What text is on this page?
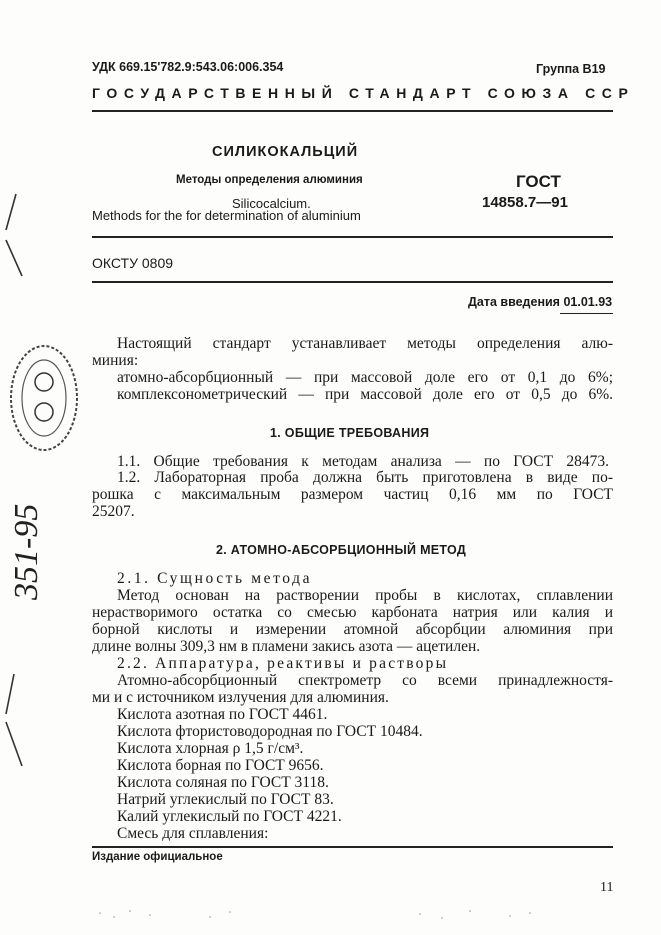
УДК 669.15'782.9:543.06:006.354	Группа В19
ГОСУДАРСТВЕННЫЙ СТАНДАРТ СОЮЗА ССР
СИЛИКОКАЛЬЦИЙ
Методы определения алюминия	ГОСТ
Silicocalcium.	14858.7—91
Methods for the for determination of aluminium
ОКСТУ 0809
Дата введения 01.01.93
Настоящий стандарт устанавливает методы определения алю-
миния:
атомно-абсорбционный — при массовой доле его от 0,1 до 6%;
комплексонометрический — при массовой доле его от 0,5 до 6%.
1. ОБЩИЕ ТРЕБОВАНИЯ
1.1. Общие требования к методам анализа — по ГОСТ 28473.
1.2. Лабораторная проба должна быть приготовлена в виде по-
рошка с максимальным размером частиц 0,16 мм по ГОСТ
25207.
2. АТОМНО-АБСОРБЦИОННЫЙ МЕТОД
2.1. Сущность метода
Метод основан на растворении пробы в кислотах, сплавлении
нерастворимого остатка со смесью карбоната натрия или калия и
борной кислоты и измерении атомной абсорбции алюминия при
длине волны 309,3 нм в пламени закись азота — ацетилен.
2.2. Аппаратура, реактивы и растворы
Атомно-абсорбционный спектрометр со всеми принадлежностя-
ми и с источником излучения для алюминия.
Кислота азотная по ГОСТ 4461.
Кислота фтористоводородная по ГОСТ 10484.
Кислота хлорная ρ 1,5 г/см³.
Кислота борная по ГОСТ 9656.
Кислота соляная по ГОСТ 3118.
Натрий углекислый по ГОСТ 83.
Калий углекислый по ГОСТ 4221.
Смесь для сплавления:
Издание официальное
11
351-95
